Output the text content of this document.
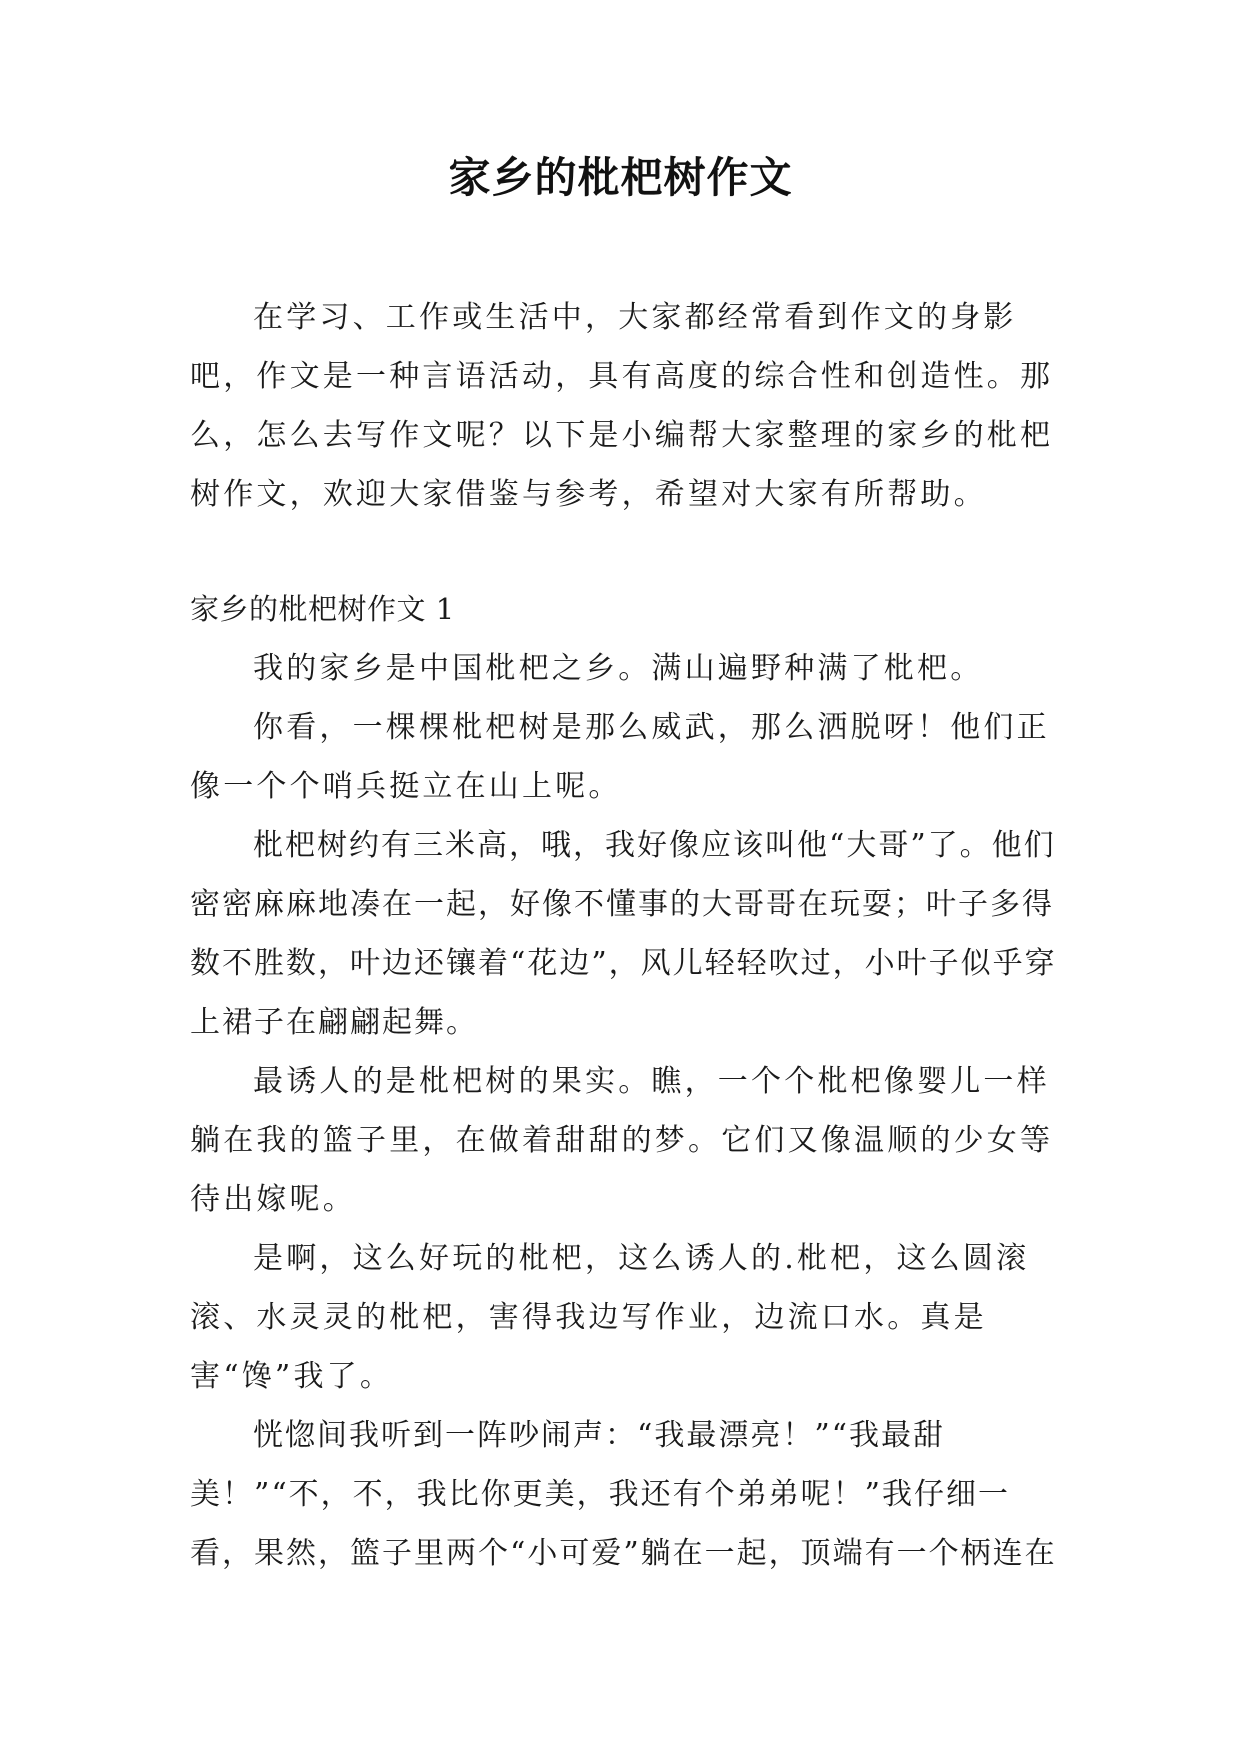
家乡的枇杷树作文

在学习、工作或生活中，大家都经常看到作文的身影吧，作文是一种言语活动，具有高度的综合性和创造性。那么，怎么去写作文呢？以下是小编帮大家整理的家乡的枇杷树作文，欢迎大家借鉴与参考，希望对大家有所帮助。

家乡的枇杷树作文 1

我的家乡是中国枇杷之乡。满山遍野种满了枇杷。

你看，一棵棵枇杷树是那么威武，那么洒脱呀！他们正像一个个哨兵挺立在山上呢。

枇杷树约有三米高，哦，我好像应该叫他“大哥”了。他们密密麻麻地凑在一起，好像不懂事的大哥哥在玩耍；叶子多得数不胜数，叶边还镶着“花边”，风儿轻轻吹过，小叶子似乎穿上裙子在翩翩起舞。

最诱人的是枇杷树的果实。瞧，一个个枇杷像婴儿一样躺在我的篮子里，在做着甜甜的梦。它们又像温顺的少女等待出嫁呢。

是啊，这么好玩的枇杷，这么诱人的.枇杷，这么圆滚滚、水灵灵的枇杷，害得我边写作业，边流口水。真是害“馋”我了。

恍惚间我听到一阵吵闹声：“我最漂亮！”“我最甜美！”“不，不，我比你更美，我还有个弟弟呢！”我仔细一看，果然，篮子里两个“小可爱”躺在一起，顶端有一个柄连在
